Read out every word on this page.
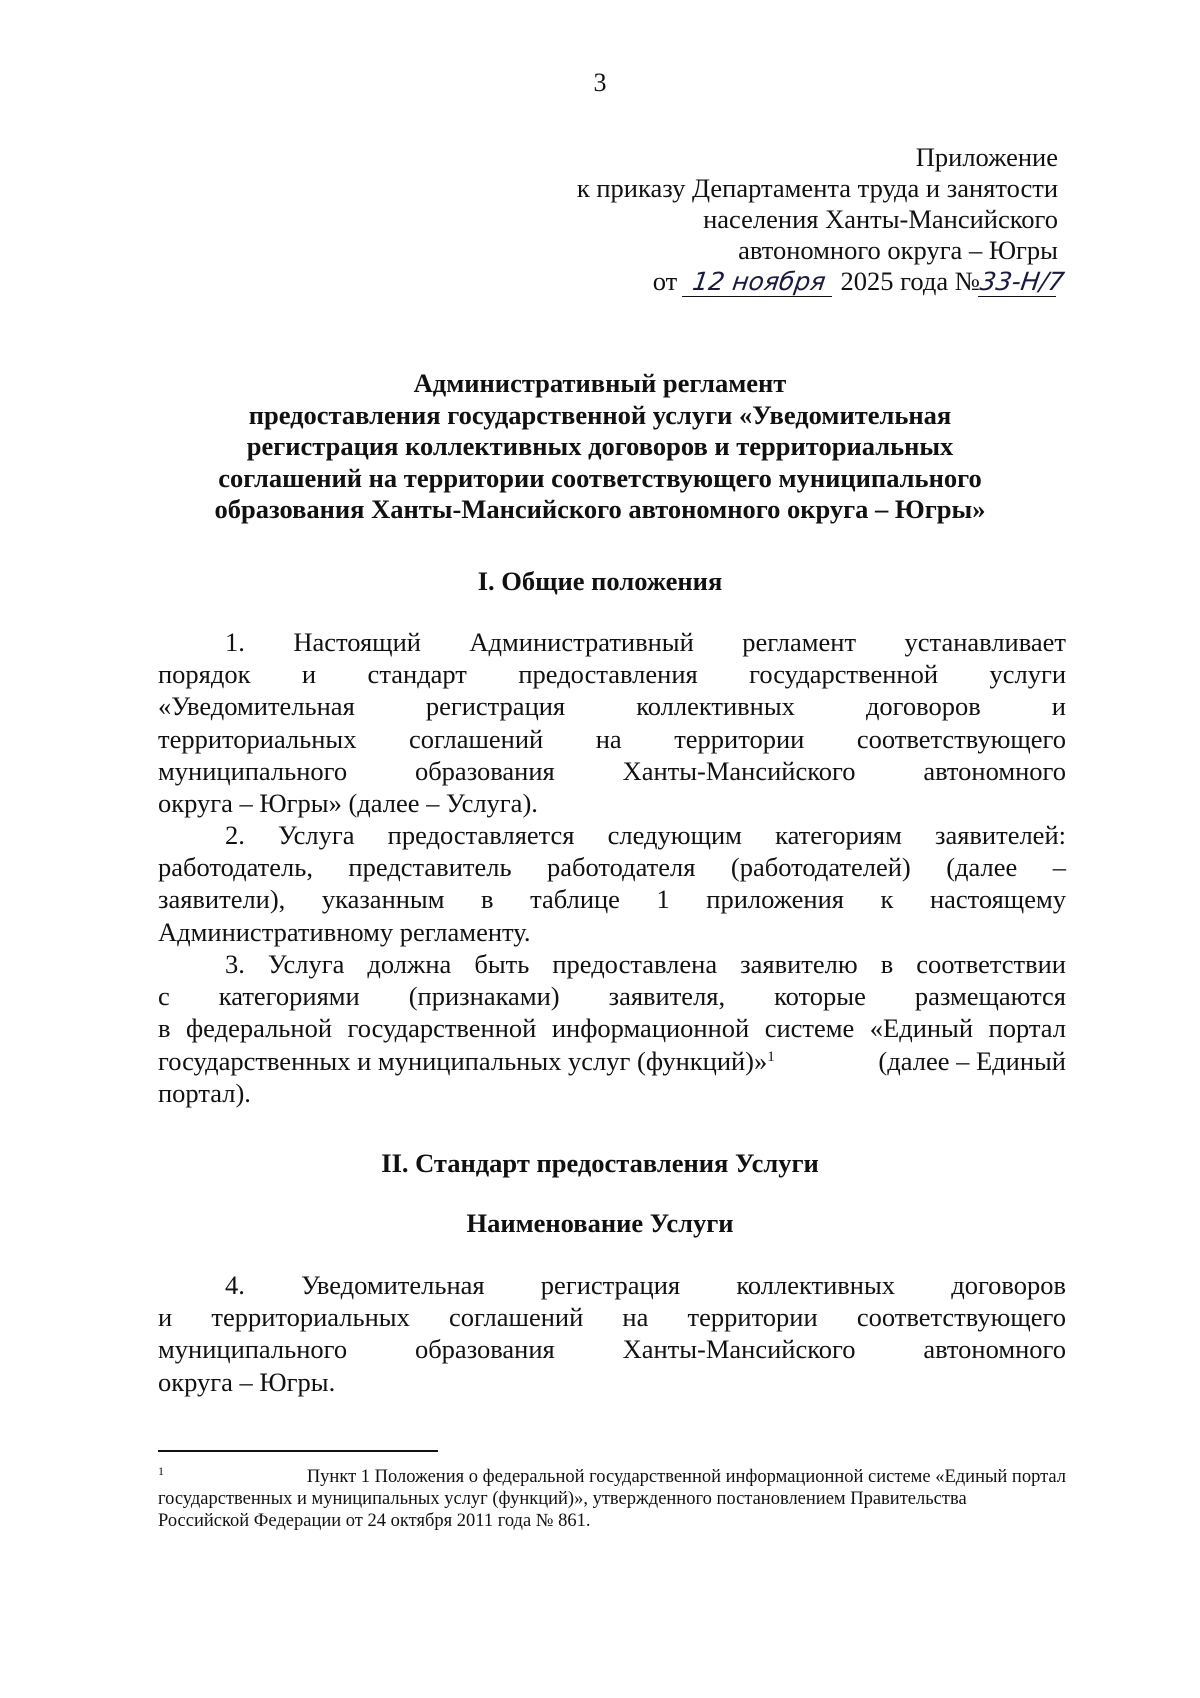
3
Приложение
к приказу Департамента труда и занятости
населения Ханты-Мансийского
автономного округа – Югры
от 12 ноября 2025 года №33-Н/7
Административный регламент
предоставления государственной услуги «Уведомительная
регистрация коллективных договоров и территориальных
соглашений на территории соответствующего муниципального
образования Ханты-Мансийского автономного округа – Югры»
I. Общие положения
1. Настоящий Административный регламент устанавливает
порядок и стандарт предоставления государственной услуги
«Уведомительная регистрация коллективных договоров и
территориальных соглашений на территории соответствующего
муниципального образования Ханты-Мансийского автономного
округа – Югры» (далее – Услуга).
2. Услуга предоставляется следующим категориям заявителей:
работодатель, представитель работодателя (работодателей) (далее –
заявители), указанным в таблице 1 приложения к настоящему
Административному регламенту.
3. Услуга должна быть предоставлена заявителю в соответствии
с категориями (признаками) заявителя, которые размещаются
в федеральной государственной информационной системе «Единый портал
государственных и муниципальных услуг (функций)»$^1$	(далее – Единый
портал).
II. Стандарт предоставления Услуги
Наименование Услуги
4. Уведомительная регистрация коллективных договоров
и территориальных соглашений на территории соответствующего
муниципального образования Ханты-Мансийского автономного
округа – Югры.
$^1$	Пункт 1 Положения о федеральной государственной информационной системе «Единый портал
государственных и муниципальных услуг (функций)», утвержденного постановлением Правительства
Российской Федерации от 24 октября 2011 года № 861.
